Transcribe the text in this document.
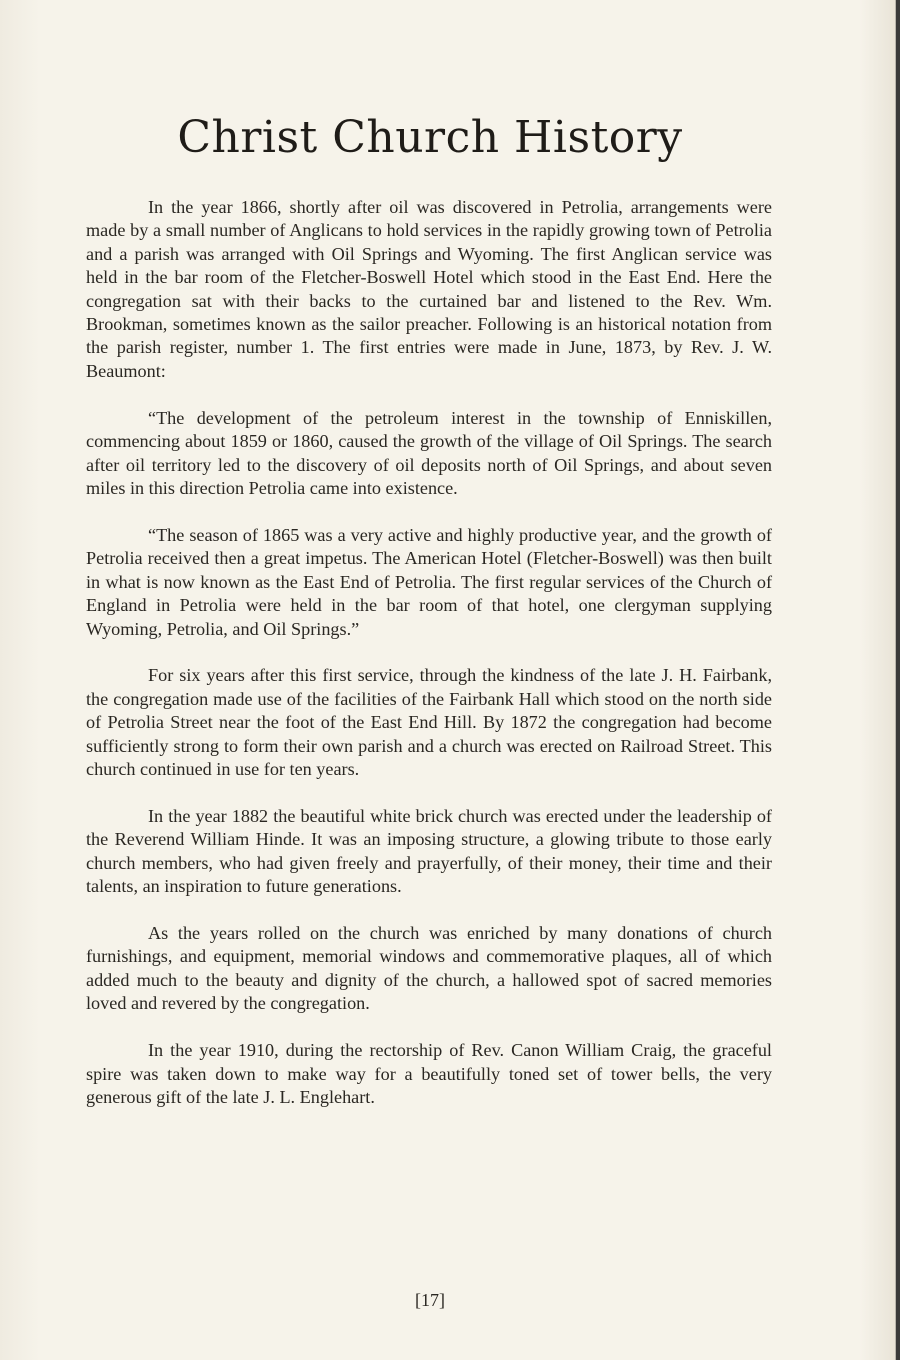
Christ Church History

In the year 1866, shortly after oil was discovered in Petrolia, arrangements were made by a small number of Anglicans to hold services in the rapidly growing town of Petrolia and a parish was arranged with Oil Springs and Wyoming. The first Anglican service was held in the bar room of the Fletcher-Boswell Hotel which stood in the East End. Here the congregation sat with their backs to the curtained bar and listened to the Rev. Wm. Brookman, sometimes known as the sailor preacher. Following is an historical notation from the parish register, number 1. The first entries were made in June, 1873, by Rev. J. W. Beaumont:

“The development of the petroleum interest in the township of Enniskillen, commencing about 1859 or 1860, caused the growth of the village of Oil Springs. The search after oil territory led to the discovery of oil deposits north of Oil Springs, and about seven miles in this direction Petrolia came into existence.

“The season of 1865 was a very active and highly productive year, and the growth of Petrolia received then a great impetus. The American Hotel (Fletcher-Boswell) was then built in what is now known as the East End of Petrolia. The first regular services of the Church of England in Petrolia were held in the bar room of that hotel, one clergyman supplying Wyoming, Petrolia, and Oil Springs.”

For six years after this first service, through the kindness of the late J. H. Fairbank, the congregation made use of the facilities of the Fairbank Hall which stood on the north side of Petrolia Street near the foot of the East End Hill. By 1872 the congregation had become sufficiently strong to form their own parish and a church was erected on Railroad Street. This church continued in use for ten years.

In the year 1882 the beautiful white brick church was erected under the leadership of the Reverend William Hinde. It was an imposing structure, a glowing tribute to those early church members, who had given freely and prayerfully, of their money, their time and their talents, an inspiration to future generations.

As the years rolled on the church was enriched by many donations of church furnishings, and equipment, memorial windows and commemorative plaques, all of which added much to the beauty and dignity of the church, a hallowed spot of sacred memories loved and revered by the congregation.

In the year 1910, during the rectorship of Rev. Canon William Craig, the graceful spire was taken down to make way for a beautifully toned set of tower bells, the very generous gift of the late J. L. Englehart.

[17]
